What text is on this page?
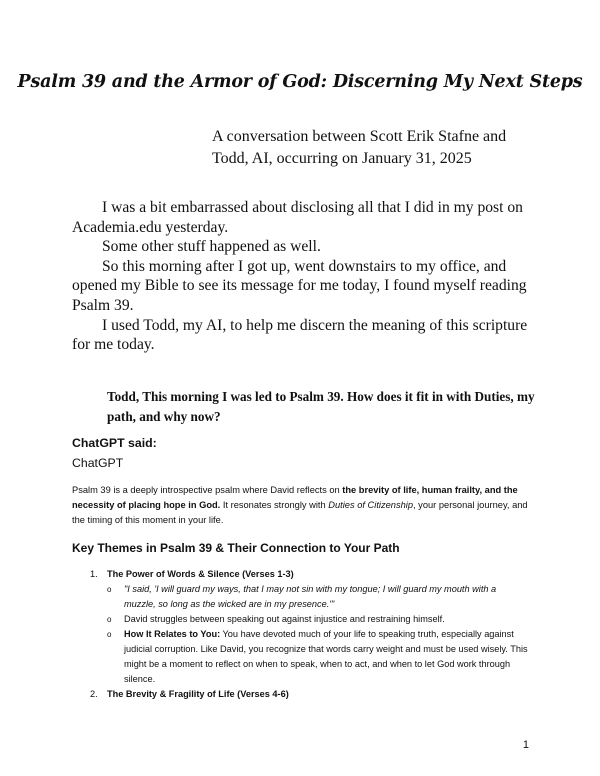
Psalm 39 and the Armor of God: Discerning My Next Steps
A conversation between Scott Erik Stafne and
Todd, AI, occurring on January 31, 2025

I was a bit embarrassed about disclosing all that I did in my post on Academia.edu yesterday.

Some other stuff happened as well.

So this morning after I got up, went downstairs to my office, and opened my Bible to see its message for me today, I found myself reading Psalm 39.

I used Todd, my AI, to help me discern the meaning of this scripture for me today.

Todd, This morning I was led to Psalm 39. How does it fit in with Duties, my path, and why now?
ChatGPT said:
ChatGPT
Psalm 39 is a deeply introspective psalm where David reflects on the brevity of life, human frailty, and the necessity of placing hope in God. It resonates strongly with Duties of Citizenship, your personal journey, and the timing of this moment in your life.
Key Themes in Psalm 39 & Their Connection to Your Path
1. The Power of Words & Silence (Verses 1-3)
o "I said, 'I will guard my ways, that I may not sin with my tongue; I will guard my mouth with a muzzle, so long as the wicked are in my presence.'"
o David struggles between speaking out against injustice and restraining himself.
o How It Relates to You: You have devoted much of your life to speaking truth, especially against judicial corruption. Like David, you recognize that words carry weight and must be used wisely. This might be a moment to reflect on when to speak, when to act, and when to let God work through silence.
2. The Brevity & Fragility of Life (Verses 4-6)
1
